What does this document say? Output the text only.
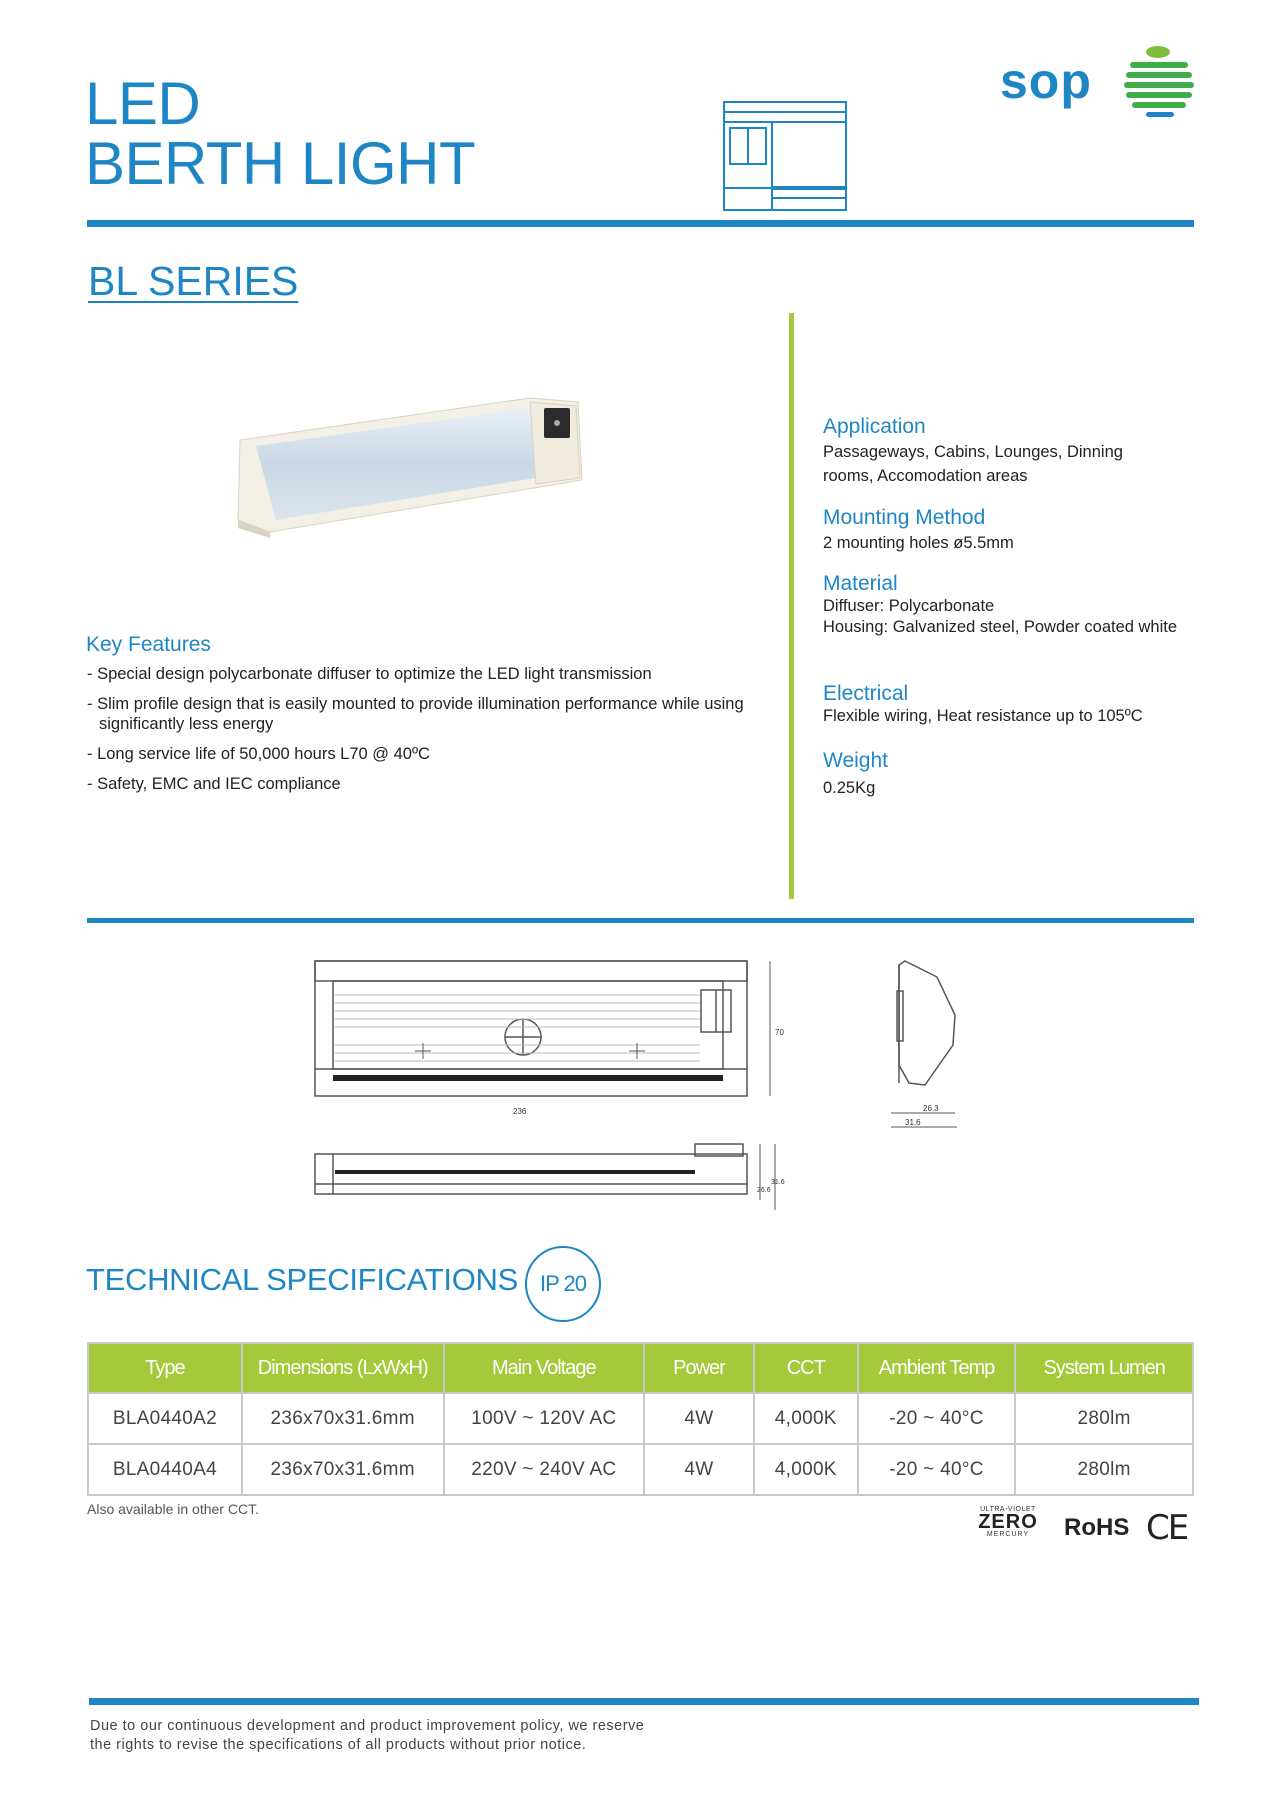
LED
BERTH LIGHT
sop
BL SERIES
Key Features
- Special design polycarbonate diffuser to optimize the LED light transmission
- Slim profile design that is easily mounted to provide illumination performance while using significantly less energy
- Long service life of 50,000 hours L70 @ 40ºC
- Safety, EMC and IEC compliance
Application
Passageways, Cabins, Lounges, Dinning rooms, Accomodation areas
Mounting Method
2 mounting holes ø5.5mm
Material
Diffuser: Polycarbonate
Housing: Galvanized steel, Powder coated white
Electrical
Flexible wiring, Heat resistance up to 105ºC
Weight
0.25Kg
236
70
26.3
31.6
26.6
31.6
TECHNICAL SPECIFICATIONS IP 20
Type	Dimensions (LxWxH)	Main Voltage	Power	CCT	Ambient Temp	System Lumen
BLA0440A2	236x70x31.6mm	100V ~ 120V AC	4W	4,000K	-20 ~ 40°C	280lm
BLA0440A4	236x70x31.6mm	220V ~ 240V AC	4W	4,000K	-20 ~ 40°C	280lm
Also available in other CCT.	ULTRA-VIOLET
ZERO
MERCURY	RoHS CE
Due to our continuous development and product improvement policy, we reserve
the rights to revise the specifications of all products without prior notice.
